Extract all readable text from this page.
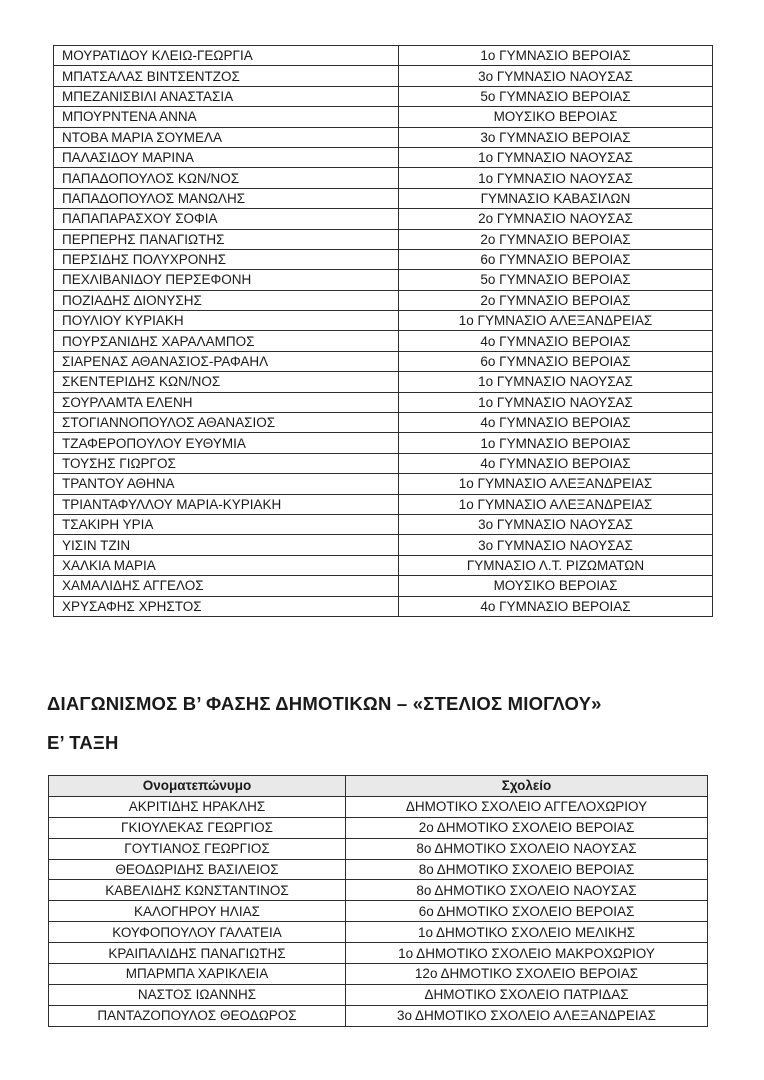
ΜΟΥΡΑΤΙΔΟΥ ΚΛΕΙΩ-ΓΕΩΡΓΙΑ	1ο ΓΥΜΝΑΣΙΟ ΒΕΡΟΙΑΣ
ΜΠΑΤΣΑΛΑΣ ΒΙΝΤΣΕΝΤΖΟΣ	3ο ΓΥΜΝΑΣΙΟ ΝΑΟΥΣΑΣ
ΜΠΕΖΑΝΙΣΒΙΛΙ ΑΝΑΣΤΑΣΙΑ	5ο ΓΥΜΝΑΣΙΟ ΒΕΡΟΙΑΣ
ΜΠΟΥΡΝΤΕΝΑ ΑΝΝΑ	ΜΟΥΣΙΚΟ ΒΕΡΟΙΑΣ
ΝΤΟΒΑ ΜΑΡΙΑ ΣΟΥΜΕΛΑ	3ο ΓΥΜΝΑΣΙΟ ΒΕΡΟΙΑΣ
ΠΑΛΑΣΙΔΟΥ ΜΑΡΙΝΑ	1ο ΓΥΜΝΑΣΙΟ ΝΑΟΥΣΑΣ
ΠΑΠΑΔΟΠΟΥΛΟΣ ΚΩΝ/ΝΟΣ	1ο ΓΥΜΝΑΣΙΟ ΝΑΟΥΣΑΣ
ΠΑΠΑΔΟΠΟΥΛΟΣ ΜΑΝΩΛΗΣ	ΓΥΜΝΑΣΙΟ ΚΑΒΑΣΙΛΩΝ
ΠΑΠΑΠΑΡΑΣΧΟΥ ΣΟΦΙΑ	2ο ΓΥΜΝΑΣΙΟ ΝΑΟΥΣΑΣ
ΠΕΡΠΕΡΗΣ ΠΑΝΑΓΙΩΤΗΣ	2ο ΓΥΜΝΑΣΙΟ ΒΕΡΟΙΑΣ
ΠΕΡΣΙΔΗΣ ΠΟΛΥΧΡΟΝΗΣ	6ο ΓΥΜΝΑΣΙΟ ΒΕΡΟΙΑΣ
ΠΕΧΛΙΒΑΝΙΔΟΥ ΠΕΡΣΕΦΟΝΗ	5ο ΓΥΜΝΑΣΙΟ ΒΕΡΟΙΑΣ
ΠΟΖΙΑΔΗΣ ΔΙΟΝΥΣΗΣ	2ο ΓΥΜΝΑΣΙΟ ΒΕΡΟΙΑΣ
ΠΟΥΛΙΟΥ ΚΥΡΙΑΚΗ	1ο ΓΥΜΝΑΣΙΟ ΑΛΕΞΑΝΔΡΕΙΑΣ
ΠΟΥΡΣΑΝΙΔΗΣ ΧΑΡΑΛΑΜΠΟΣ	4ο ΓΥΜΝΑΣΙΟ ΒΕΡΟΙΑΣ
ΣΙΑΡΕΝΑΣ ΑΘΑΝΑΣΙΟΣ-ΡΑΦΑΗΛ	6ο ΓΥΜΝΑΣΙΟ ΒΕΡΟΙΑΣ
ΣΚΕΝΤΕΡΙΔΗΣ ΚΩΝ/ΝΟΣ	1ο ΓΥΜΝΑΣΙΟ ΝΑΟΥΣΑΣ
ΣΟΥΡΛΑΜΤΑ ΕΛΕΝΗ	1ο ΓΥΜΝΑΣΙΟ ΝΑΟΥΣΑΣ
ΣΤΟΓΙΑΝΝΟΠΟΥΛΟΣ ΑΘΑΝΑΣΙΟΣ	4ο ΓΥΜΝΑΣΙΟ ΒΕΡΟΙΑΣ
ΤΖΑΦΕΡΟΠΟΥΛΟΥ ΕΥΘΥΜΙΑ	1ο ΓΥΜΝΑΣΙΟ ΒΕΡΟΙΑΣ
ΤΟΥΣΗΣ ΓΙΩΡΓΟΣ	4ο ΓΥΜΝΑΣΙΟ ΒΕΡΟΙΑΣ
ΤΡΑΝΤΟΥ ΑΘΗΝΑ	1ο ΓΥΜΝΑΣΙΟ ΑΛΕΞΑΝΔΡΕΙΑΣ
ΤΡΙΑΝΤΑΦΥΛΛΟΥ ΜΑΡΙΑ-ΚΥΡΙΑΚΗ	1ο ΓΥΜΝΑΣΙΟ ΑΛΕΞΑΝΔΡΕΙΑΣ
ΤΣΑΚΙΡΗ ΥΡΙΑ	3ο ΓΥΜΝΑΣΙΟ ΝΑΟΥΣΑΣ
ΥΙΣΙΝ ΤΖΙΝ	3ο ΓΥΜΝΑΣΙΟ ΝΑΟΥΣΑΣ
ΧΑΛΚΙΑ ΜΑΡΙΑ	ΓΥΜΝΑΣΙΟ Λ.Τ. ΡΙΖΩΜΑΤΩΝ
ΧΑΜΑΛΙΔΗΣ ΑΓΓΕΛΟΣ	ΜΟΥΣΙΚΟ ΒΕΡΟΙΑΣ
ΧΡΥΣΑΦΗΣ ΧΡΗΣΤΟΣ	4ο ΓΥΜΝΑΣΙΟ ΒΕΡΟΙΑΣ
ΔΙΑΓΩΝΙΣΜΟΣ Β’ ΦΑΣΗΣ ΔΗΜΟΤΙΚΩΝ – «ΣΤΕΛΙΟΣ ΜΙΟΓΛΟΥ»
Ε’ ΤΑΞΗ
Ονοματεπώνυμο	Σχολείο
ΑΚΡΙΤΙΔΗΣ ΗΡΑΚΛΗΣ	ΔΗΜΟΤΙΚΟ ΣΧΟΛΕΙΟ ΑΓΓΕΛΟΧΩΡΙΟΥ
ΓΚΙΟΥΛΕΚΑΣ ΓΕΩΡΓΙΟΣ	2ο ΔΗΜΟΤΙΚΟ ΣΧΟΛΕΙΟ ΒΕΡΟΙΑΣ
ΓΟΥΤΙΑΝΟΣ ΓΕΩΡΓΙΟΣ	8ο ΔΗΜΟΤΙΚΟ ΣΧΟΛΕΙΟ ΝΑΟΥΣΑΣ
ΘΕΟΔΩΡΙΔΗΣ ΒΑΣΙΛΕΙΟΣ	8ο ΔΗΜΟΤΙΚΟ ΣΧΟΛΕΙΟ ΒΕΡΟΙΑΣ
ΚΑΒΕΛΙΔΗΣ ΚΩΝΣΤΑΝΤΙΝΟΣ	8ο ΔΗΜΟΤΙΚΟ ΣΧΟΛΕΙΟ ΝΑΟΥΣΑΣ
ΚΑΛΟΓΗΡΟΥ ΗΛΙΑΣ	6ο ΔΗΜΟΤΙΚΟ ΣΧΟΛΕΙΟ ΒΕΡΟΙΑΣ
ΚΟΥΦΟΠΟΥΛΟΥ ΓΑΛΑΤΕΙΑ	1ο ΔΗΜΟΤΙΚΟ ΣΧΟΛΕΙΟ ΜΕΛΙΚΗΣ
ΚΡΑΙΠΑΛΙΔΗΣ ΠΑΝΑΓΙΩΤΗΣ	1ο ΔΗΜΟΤΙΚΟ ΣΧΟΛΕΙΟ ΜΑΚΡΟΧΩΡΙΟΥ
ΜΠΑΡΜΠΑ ΧΑΡΙΚΛΕΙΑ	12ο ΔΗΜΟΤΙΚΟ ΣΧΟΛΕΙΟ ΒΕΡΟΙΑΣ
ΝΑΣΤΟΣ ΙΩΑΝΝΗΣ	ΔΗΜΟΤΙΚΟ ΣΧΟΛΕΙΟ ΠΑΤΡΙΔΑΣ
ΠΑΝΤΑΖΟΠΟΥΛΟΣ ΘΕΟΔΩΡΟΣ	3ο ΔΗΜΟΤΙΚΟ ΣΧΟΛΕΙΟ ΑΛΕΞΑΝΔΡΕΙΑΣ
